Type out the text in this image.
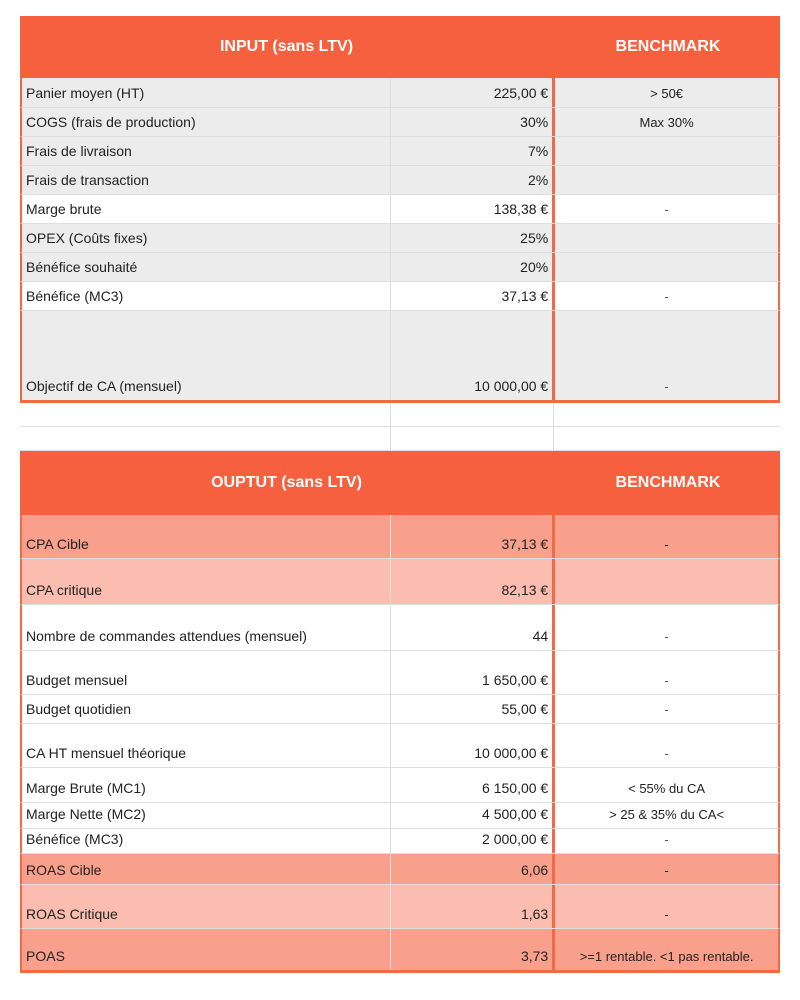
INPUT (sans LTV)	BENCHMARK
Panier moyen (HT)	225,00 €	> 50€
COGS (frais de production)	30%	Max 30%
Frais de livraison	7%
Frais de transaction	2%
Marge brute	138,38 €	-
OPEX (Coûts fixes)	25%
Bénéfice souhaité	20%
Bénéfice (MC3)	37,13 €	-
Objectif de CA (mensuel)	10 000,00 €	-
OUPTUT (sans LTV)	BENCHMARK
CPA Cible	37,13 €	-
CPA critique	82,13 €
Nombre de commandes attendues (mensuel)	44	-
Budget mensuel	1 650,00 €	-
Budget quotidien	55,00 €	-
CA HT mensuel théorique	10 000,00 €	-
Marge Brute (MC1)	6 150,00 €	< 55% du CA
Marge Nette (MC2)	4 500,00 €	> 25 & 35% du CA<
Bénéfice (MC3)	2 000,00 €	-
ROAS Cible	6,06	-
ROAS Critique	1,63	-
POAS	3,73	>=1 rentable. <1 pas rentable.
